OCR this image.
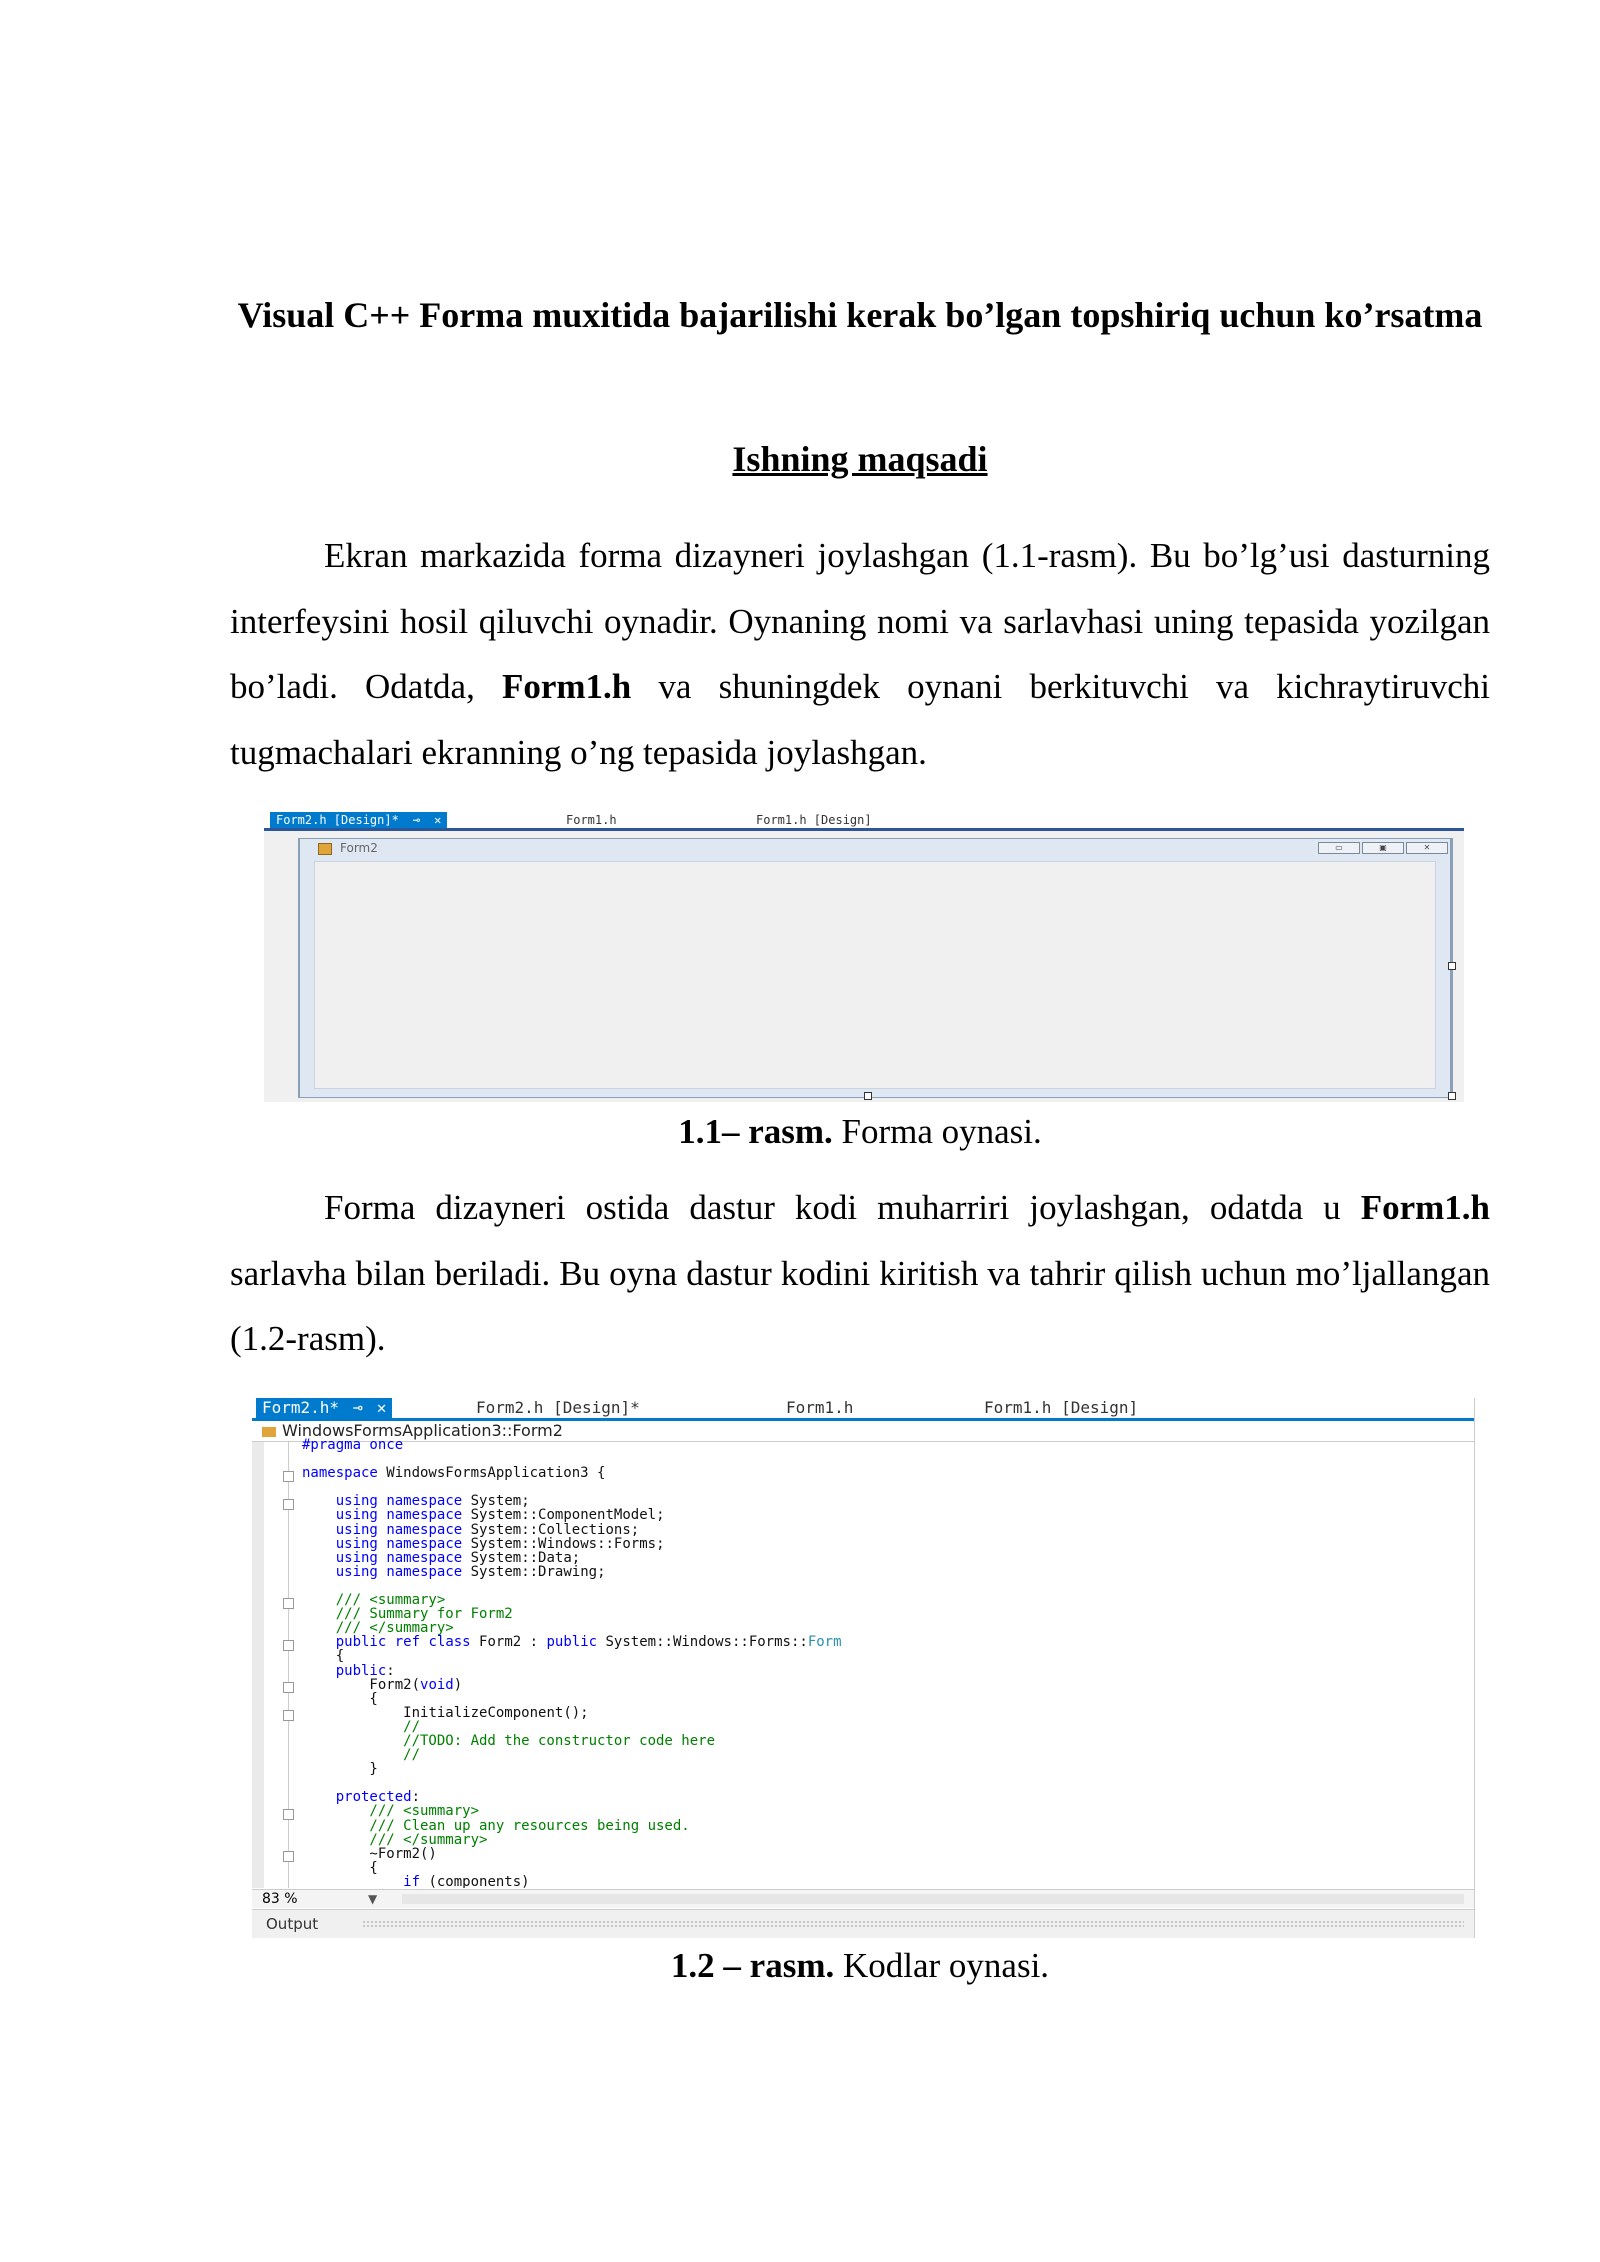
Visual C++ Forma muxitida bajarilishi kerak bo’lgan topshiriq uchun ko’rsatma
Ishning maqsadi
Ekran markazida forma dizayneri joylashgan (1.1-rasm). Bu bo’lg’usi dasturning interfeysini hosil qiluvchi oynadir. Oynaning nomi va sarlavhasi uning tepasida yozilgan bo’ladi. Odatda, Form1.h va shuningdek oynani berkituvchi va kichraytiruvchi tugmachalari ekranning o’ng tepasida joylashgan.
Form2.h [Design]* ⊸ ✕	Form1.h	Form1.h [Design]
Form2	▭	▣	✕
1.1– rasm. Forma oynasi.
Forma dizayneri ostida dastur kodi muharriri joylashgan, odatda u Form1.h sarlavha bilan beriladi. Bu oyna dastur kodini kiritish va tahrir qilish uchun mo’ljallangan (1.2-rasm).
Form2.h* ⊸ ✕	Form2.h [Design]*	Form1.h	Form1.h [Design]
WindowsFormsApplication3::Form2
#pragma once
namespace WindowsFormsApplication3 {
using namespace System;
using namespace System::ComponentModel;
using namespace System::Collections;
using namespace System::Windows::Forms;
using namespace System::Data;
using namespace System::Drawing;
/// <summary>
/// Summary for Form2
/// </summary>
public ref class Form2 : public System::Windows::Forms::Form
{
public:
Form2(void)
{
InitializeComponent();
//
//TODO: Add the constructor code here
//
}
protected:
/// <summary>
/// Clean up any resources being used.
/// </summary>
~Form2()
{
if (components)
83 %	▼
Output
1.2 – rasm. Kodlar oynasi.
